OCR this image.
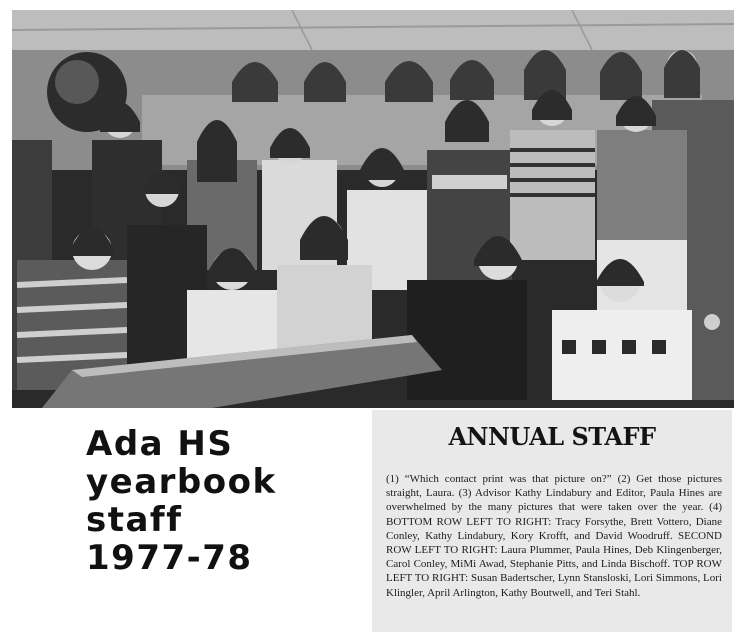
ANNUAL STAFF
(1) “Which contact print was that picture on?” (2) Get those pictures straight, Laura. (3) Advisor Kathy Lindabury and Editor, Paula Hines are overwhelmed by the many pictures that were taken over the year. (4) BOTTOM ROW LEFT TO RIGHT: Tracy Forsythe, Brett Vottero, Diane Conley, Kathy Lindabury, Kory Krofft, and David Woodruff. SECOND ROW LEFT TO RIGHT: Laura Plummer, Paula Hines, Deb Klingenberger, Carol Conley, MiMi Awad, Stephanie Pitts, and Linda Bischoff. TOP ROW LEFT TO RIGHT: Susan Badertscher, Lynn Stansloski, Lori Simmons, Lori Klingler, April Arlington, Kathy Boutwell, and Teri Stahl.
Ada HS
yearbook
staff
1977-78
